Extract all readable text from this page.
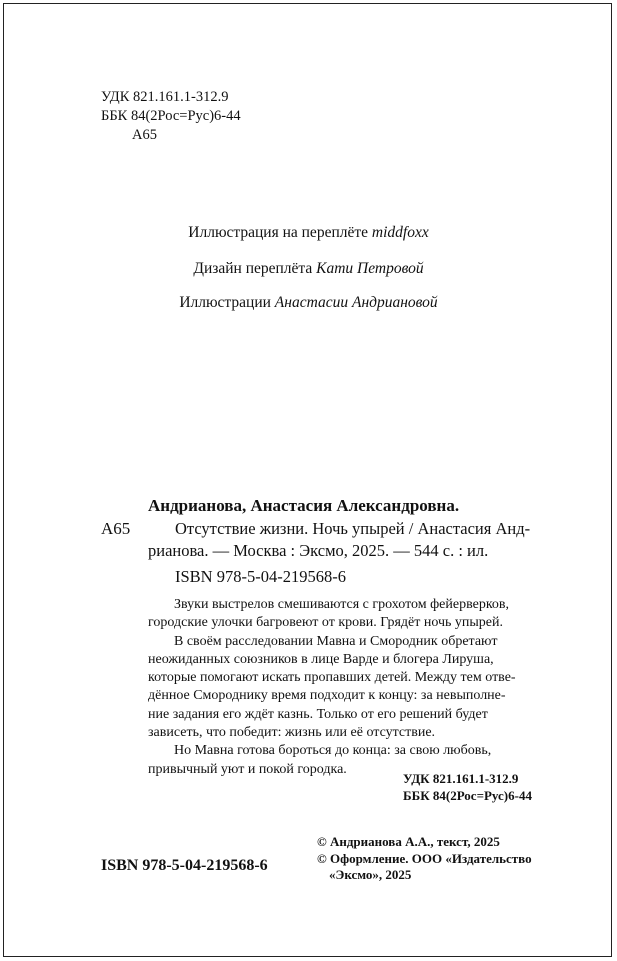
УДК 821.161.1-312.9
ББК 84(2Рос=Рус)6-44
А65
Иллюстрация на переплёте middfoxx
Дизайн переплёта Кати Петровой
Иллюстрации Анастасии Андриановой
Андрианова, Анастасия Александровна.
А65	Отсутствие жизни. Ночь упырей / Анастасия Анд-
рианова. — Москва : Эксмо, 2025. — 544 с. : ил.
ISBN 978-5-04-219568-6

Звуки выстрелов смешиваются с грохотом фейерверков,
городские улочки багровеют от крови. Грядёт ночь упырей.

В своём расследовании Мавна и Смородник обретают
неожиданных союзников в лице Варде и блогера Лируша,
которые помогают искать пропавших детей. Между тем отве-
дённое Смороднику время подходит к концу: за невыполне-
ние задания его ждёт казнь. Только от его решений будет
зависеть, что победит: жизнь или её отсутствие.

Но Мавна готова бороться до конца: за свою любовь,
привычный уют и покой городка.

УДК 821.161.1-312.9
ББК 84(2Рос=Рус)6-44
ISBN 978-5-04-219568-6
© Андрианова А.А., текст, 2025
© Оформление. ООО «Издательство
«Эксмо», 2025
